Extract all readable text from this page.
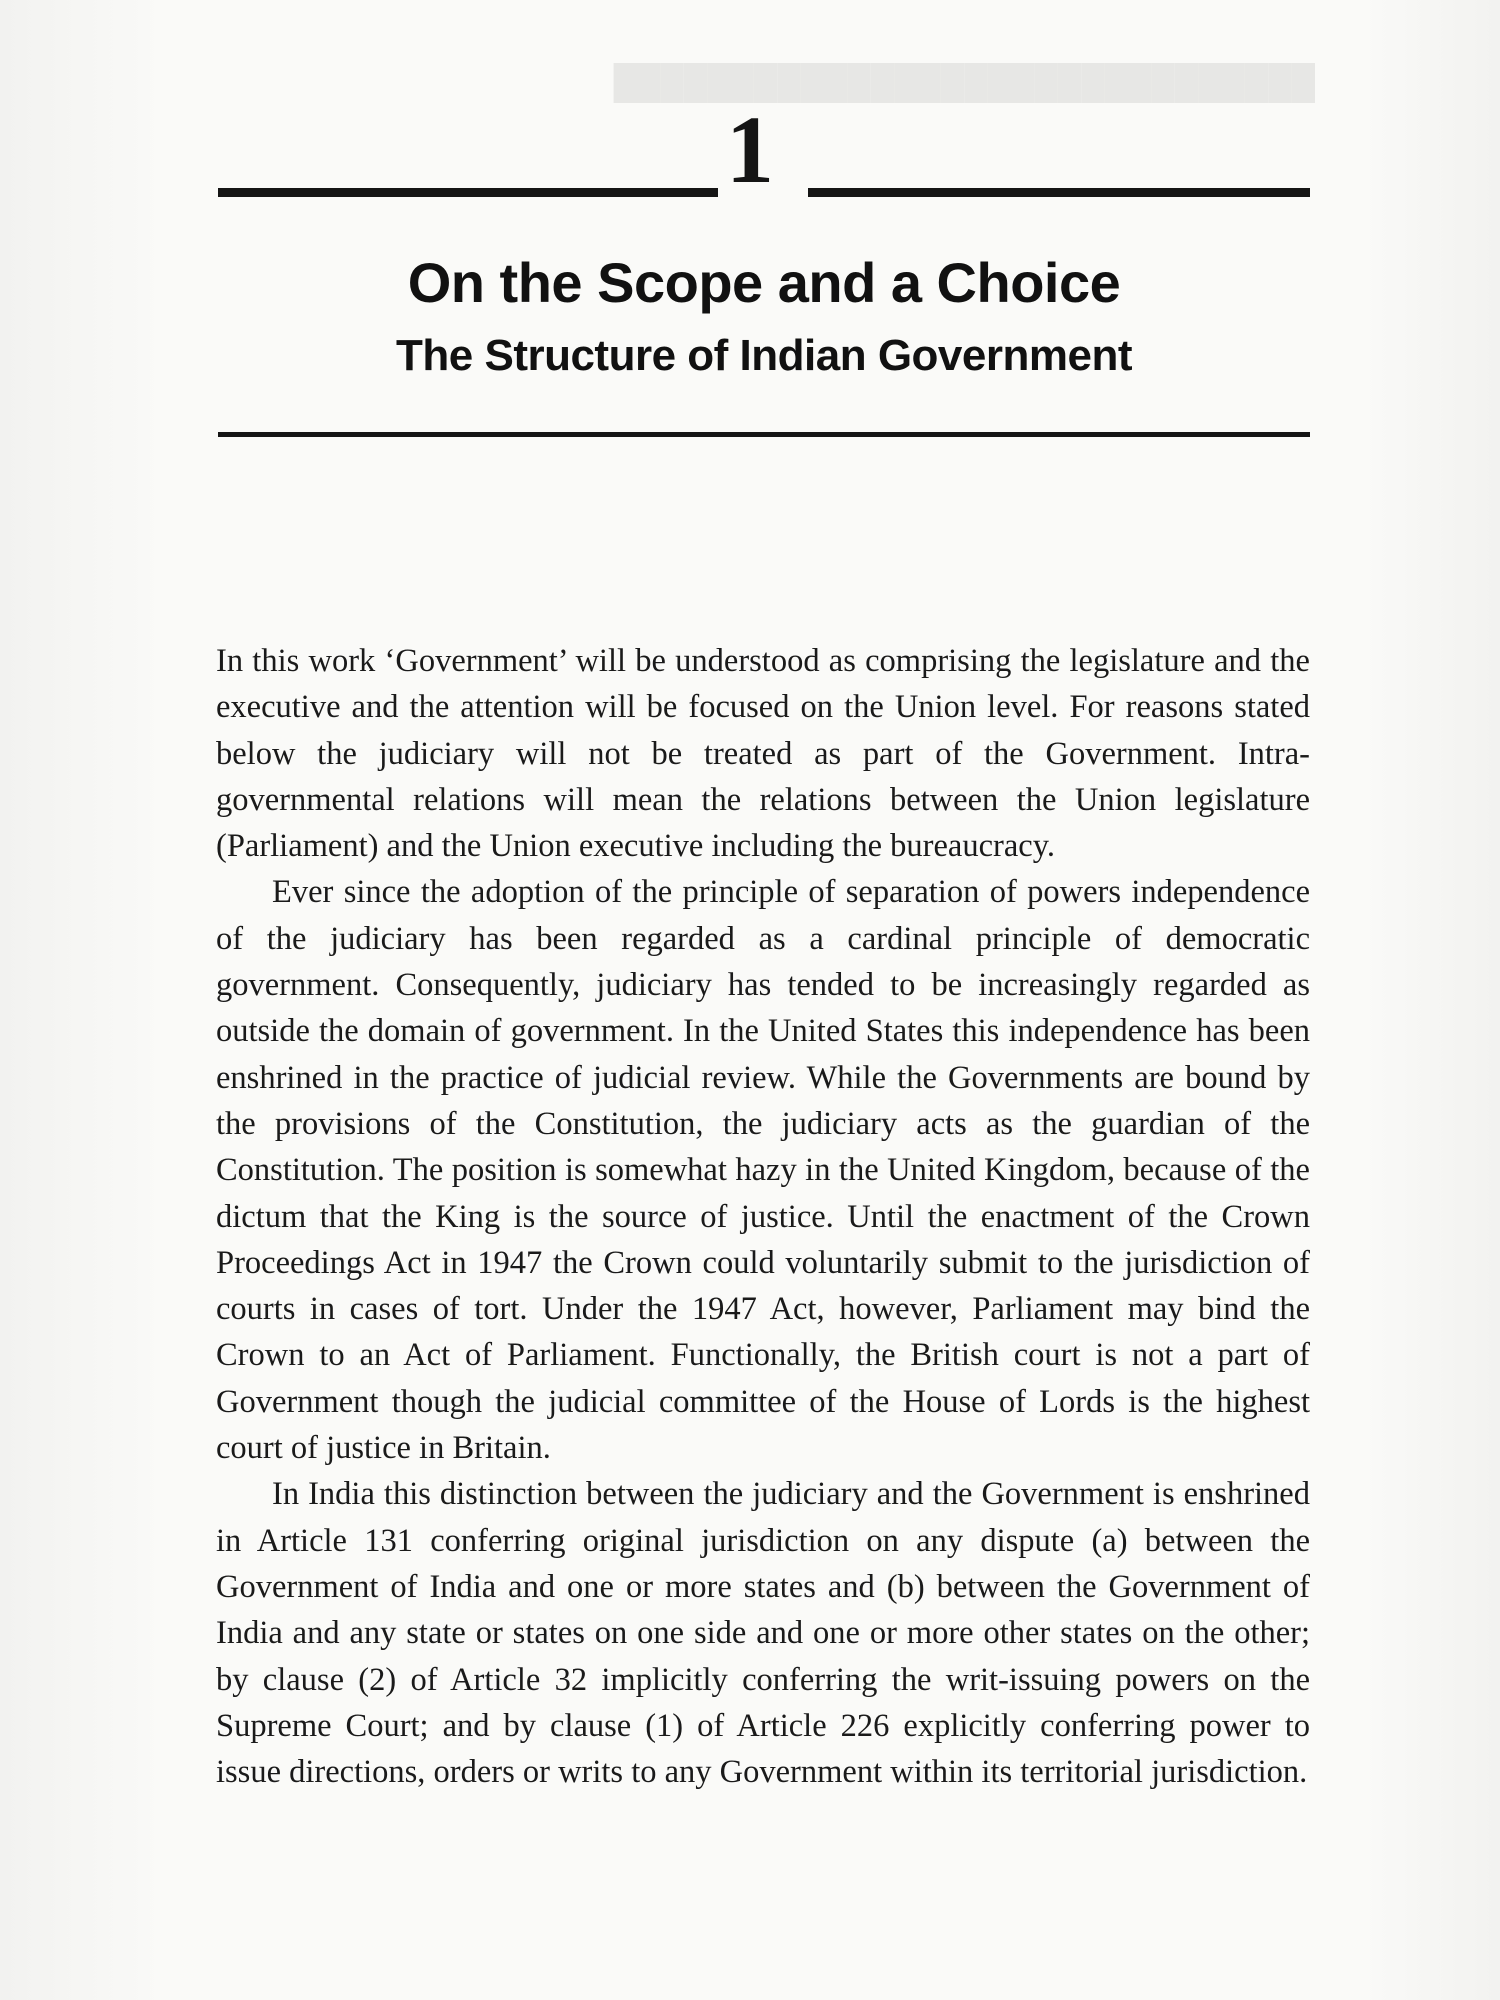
██████████████████████████████
1
On the Scope and a Choice
The Structure of Indian Government

In this work ‘Government’ will be understood as comprising the legislature and the executive and the attention will be focused on the Union level. For reasons stated below the judiciary will not be treated as part of the Government. Intra-governmental relations will mean the relations between the Union legislature (Parliament) and the Union executive including the bureaucracy.

Ever since the adoption of the principle of separation of powers independence of the judiciary has been regarded as a cardinal principle of democratic government. Consequently, judiciary has tended to be increasingly regarded as outside the domain of government. In the United States this independence has been enshrined in the practice of judicial review. While the Governments are bound by the provisions of the Constitution, the judiciary acts as the guardian of the Constitution. The position is somewhat hazy in the United Kingdom, because of the dictum that the King is the source of justice. Until the enactment of the Crown Proceedings Act in 1947 the Crown could voluntarily submit to the jurisdiction of courts in cases of tort. Under the 1947 Act, however, Parliament may bind the Crown to an Act of Parliament. Functionally, the British court is not a part of Government though the judicial committee of the House of Lords is the highest court of justice in Britain.

In India this distinction between the judiciary and the Government is enshrined in Article 131 conferring original jurisdiction on any dispute (a) between the Government of India and one or more states and (b) between the Government of India and any state or states on one side and one or more other states on the other; by clause (2) of Article 32 implicitly conferring the writ-issuing powers on the Supreme Court; and by clause (1) of Article 226 explicitly conferring power to issue directions, orders or writs to any Government within its territorial jurisdiction.
